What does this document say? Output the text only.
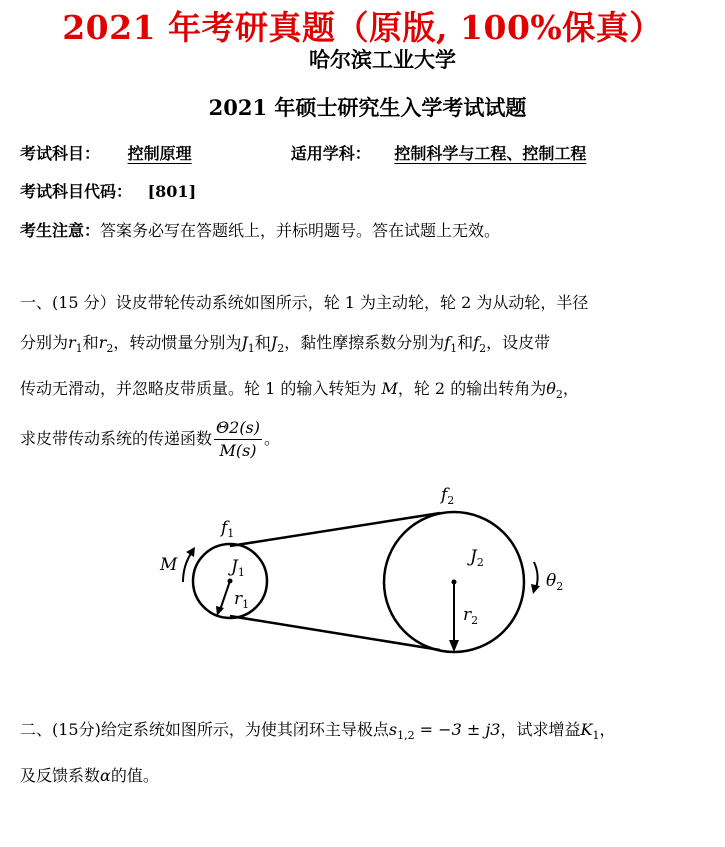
2021 年考研真题（原版, 100%保真）
哈尔滨工业大学
2021 年硕士研究生入学考试试题
考试科目： 控制原理	适用学科： 控制科学与工程、控制工程
考试科目代码： [801]
考生注意：答案务必写在答题纸上，并标明题号。答在试题上无效。
一、(15 分）设皮带轮传动系统如图所示，轮 1 为主动轮，轮 2 为从动轮，半径
分别为$r_1$和$r_2$，转动惯量分别为$J_1$和$J_2$，黏性摩擦系数分别为$f_1$和$f_2$，设皮带
传动无滑动，并忽略皮带质量。轮 1 的输入转矩为 M，轮 2 的输出转角为$\theta_2$，
求皮带传动系统的传递函数 $\frac{\Theta 2(s)}{M(s)}$ 。
$f_1$
$f_2$
M	$J_1$
$r_1$
$J_2$
$r_2$
$\theta_2$
二、(15分)给定系统如图所示，为使其闭环主导极点$s_{1,2} = -3 \pm j3$，试求增益$K_1$，
及反馈系数α的值。
